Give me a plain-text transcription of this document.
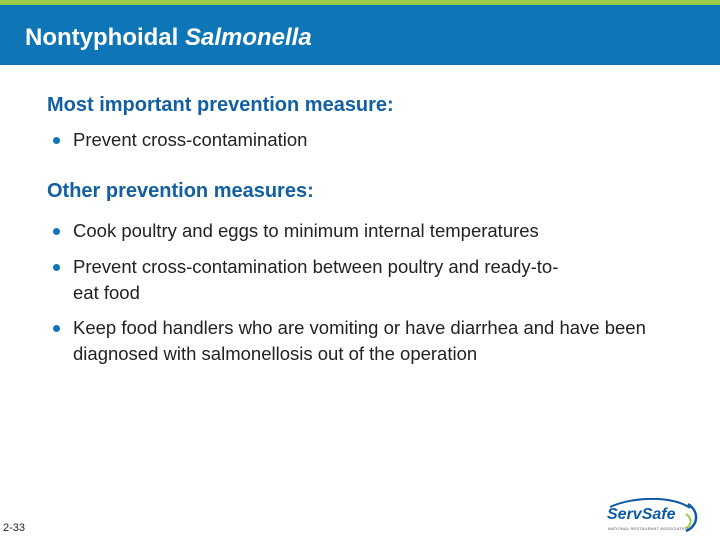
Nontyphoidal Salmonella
Most important prevention measure:
Prevent cross-contamination
Other prevention measures:
Cook poultry and eggs to minimum internal temperatures
Prevent cross-contamination between poultry and ready-to-eat food
Keep food handlers who are vomiting or have diarrhea and have been diagnosed with salmonellosis out of the operation
2-33
ServSafe
NATIONAL RESTAURANT ASSOCIATION
